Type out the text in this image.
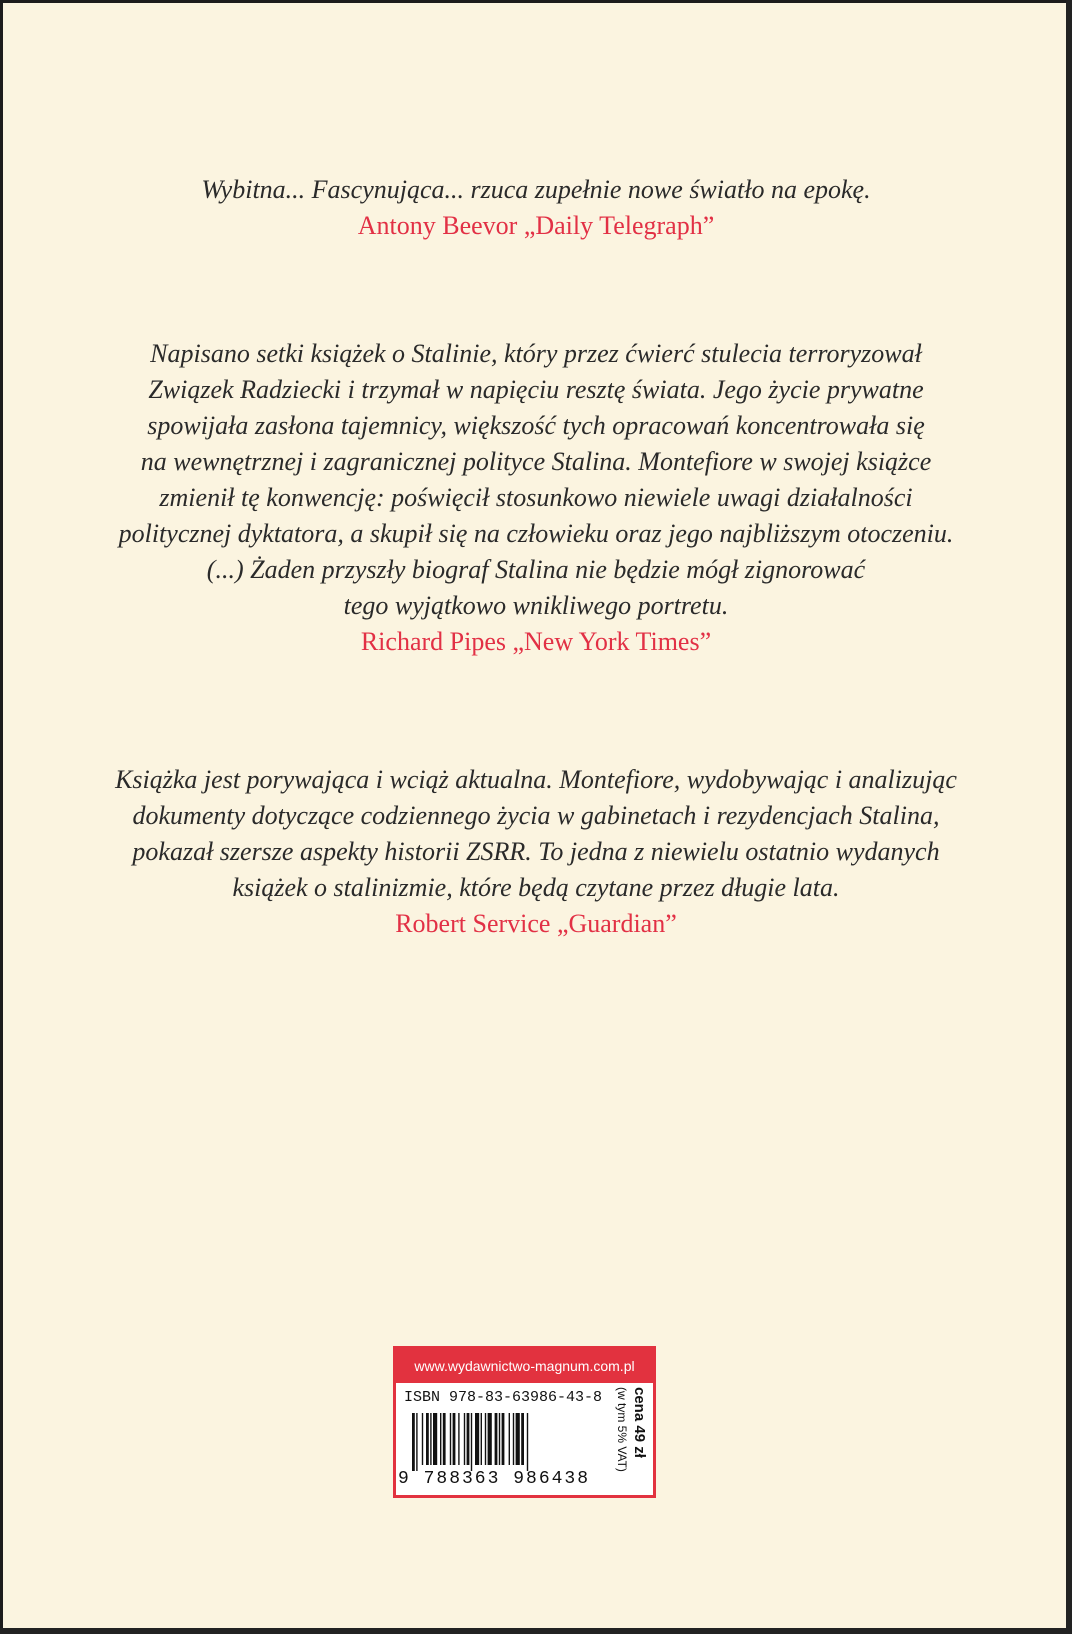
Wybitna... Fascynująca... rzuca zupełnie nowe światło na epokę.

Antony Beevor „Daily Telegraph”

Napisano setki książek o Stalinie, który przez ćwierć stulecia terroryzował
Związek Radziecki i trzymał w napięciu resztę świata. Jego życie prywatne
spowijała zasłona tajemnicy, większość tych opracowań koncentrowała się
na wewnętrznej i zagranicznej polityce Stalina. Montefiore w swojej książce
zmienił tę konwencję: poświęcił stosunkowo niewiele uwagi działalności
politycznej dyktatora, a skupił się na człowieku oraz jego najbliższym otoczeniu.
(...) Żaden przyszły biograf Stalina nie będzie mógł zignorować
tego wyjątkowo wnikliwego portretu.

Richard Pipes „New York Times”

Książka jest porywająca i wciąż aktualna. Montefiore, wydobywając i analizując
dokumenty dotyczące codziennego życia w gabinetach i rezydencjach Stalina,
pokazał szersze aspekty historii ZSRR. To jedna z niewielu ostatnio wydanych
książek o stalinizmie, które będą czytane przez długie lata.

Robert Service „Guardian”

www.wydawnictwo-magnum.com.pl
ISBN 978-83-63986-43-8
9 788363 986438
cena 49 zł
(w tym 5% VAT)
